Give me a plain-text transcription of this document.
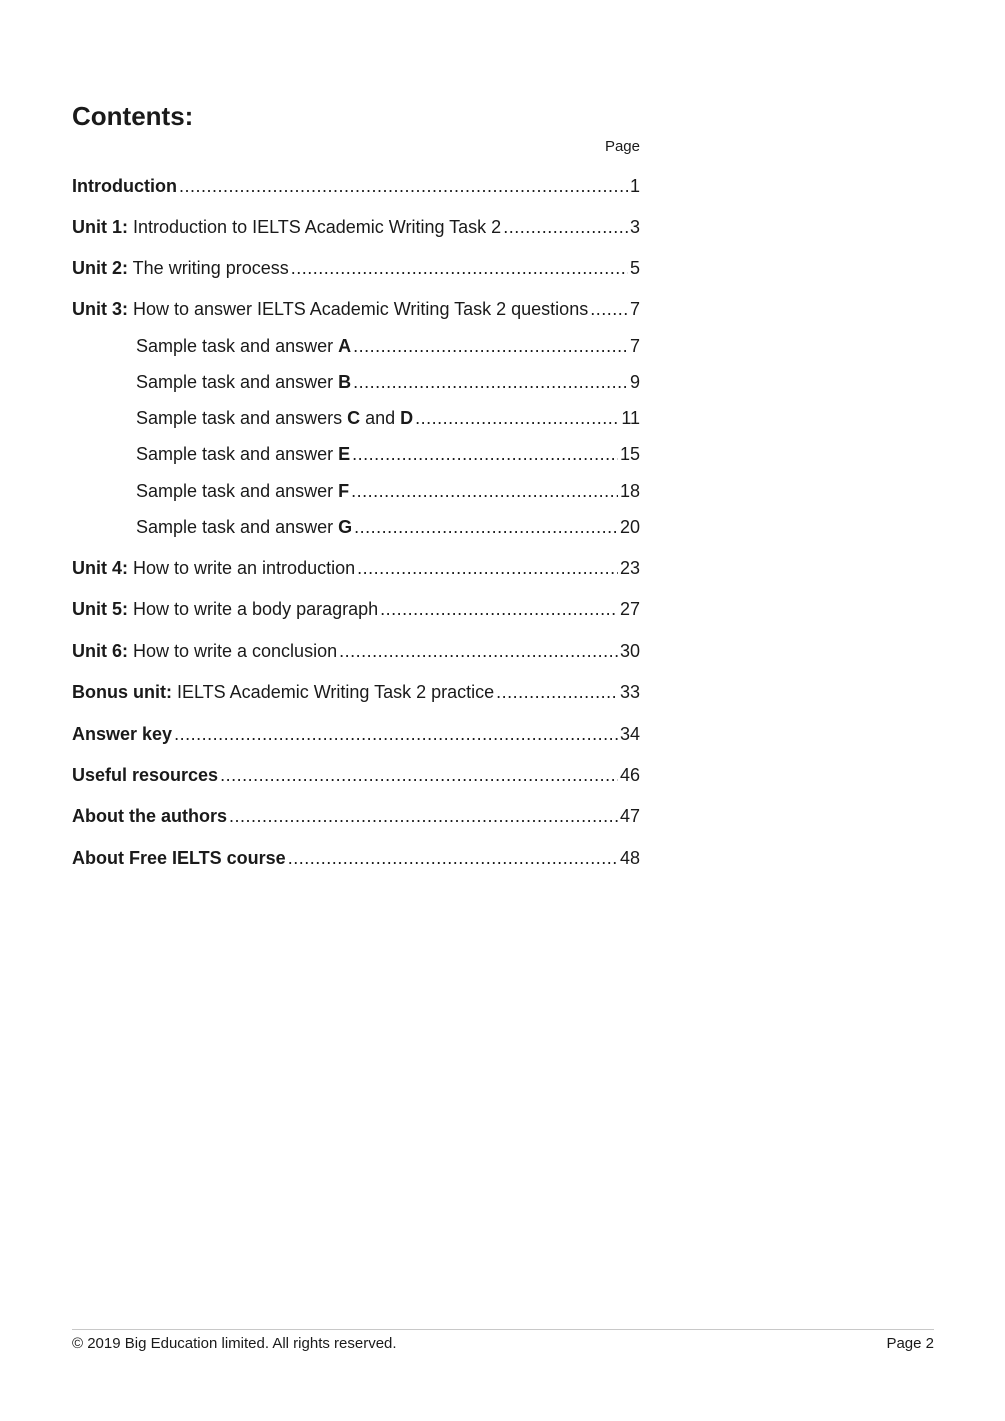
Contents:
Page
Introduction .....	1
Unit 1: Introduction to IELTS Academic Writing Task 2 .....	3
Unit 2: The writing process .....	5
Unit 3: How to answer IELTS Academic Writing Task 2 questions ..... 7
Sample task and answer A .....	7
Sample task and answer B .....	9
Sample task and answers C and D .....	11
Sample task and answer E .....	15
Sample task and answer F .....	18
Sample task and answer G .....	20
Unit 4: How to write an introduction .....	23
Unit 5: How to write a body paragraph .....	27
Unit 6: How to write a conclusion .....	30
Bonus unit: IELTS Academic Writing Task 2 practice .....	33
Answer key .....	34
Useful resources .....	46
About the authors .....	47
About Free IELTS course .....	48
© 2019 Big Education limited. All rights reserved.	Page 2
